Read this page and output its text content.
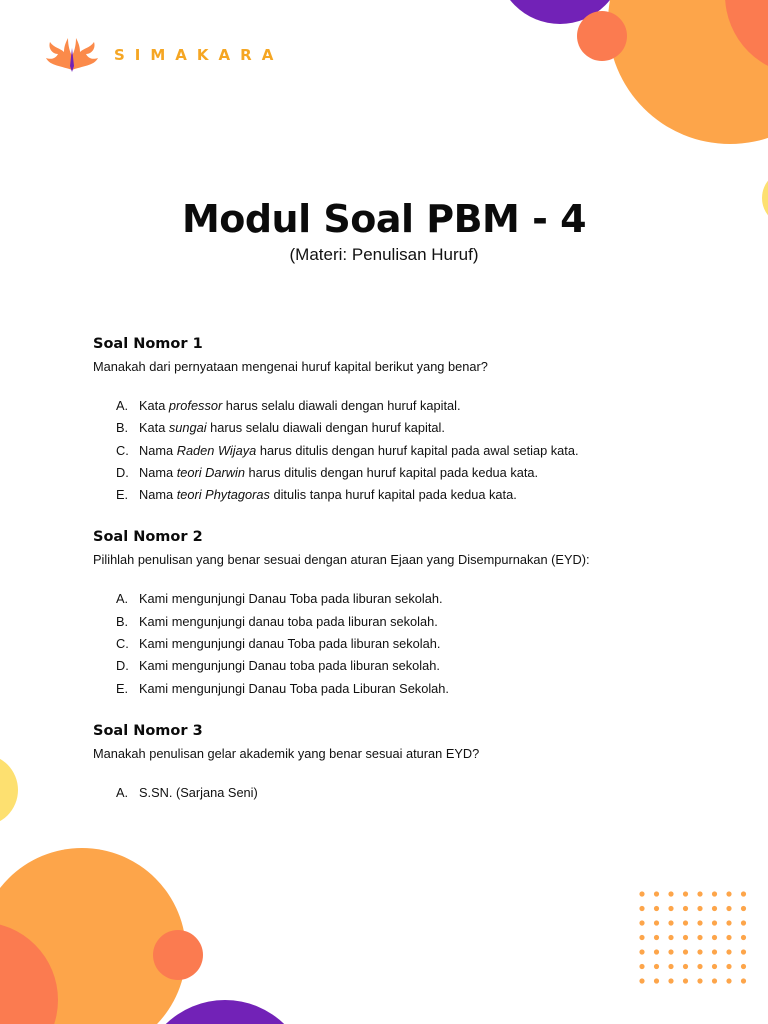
SIMAKARA
Modul Soal PBM - 4
(Materi: Penulisan Huruf)
Soal Nomor 1
Manakah dari pernyataan mengenai huruf kapital berikut yang benar?
A. Kata professor harus selalu diawali dengan huruf kapital.
B. Kata sungai harus selalu diawali dengan huruf kapital.
C. Nama Raden Wijaya harus ditulis dengan huruf kapital pada awal setiap kata.
D. Nama teori Darwin harus ditulis dengan huruf kapital pada kedua kata.
E. Nama teori Phytagoras ditulis tanpa huruf kapital pada kedua kata.
Soal Nomor 2
Pilihlah penulisan yang benar sesuai dengan aturan Ejaan yang Disempurnakan (EYD):
A. Kami mengunjungi Danau Toba pada liburan sekolah.
B. Kami mengunjungi danau toba pada liburan sekolah.
C. Kami mengunjungi danau Toba pada liburan sekolah.
D. Kami mengunjungi Danau toba pada liburan sekolah.
E. Kami mengunjungi Danau Toba pada Liburan Sekolah.
Soal Nomor 3
Manakah penulisan gelar akademik yang benar sesuai aturan EYD?
A. S.SN. (Sarjana Seni)
